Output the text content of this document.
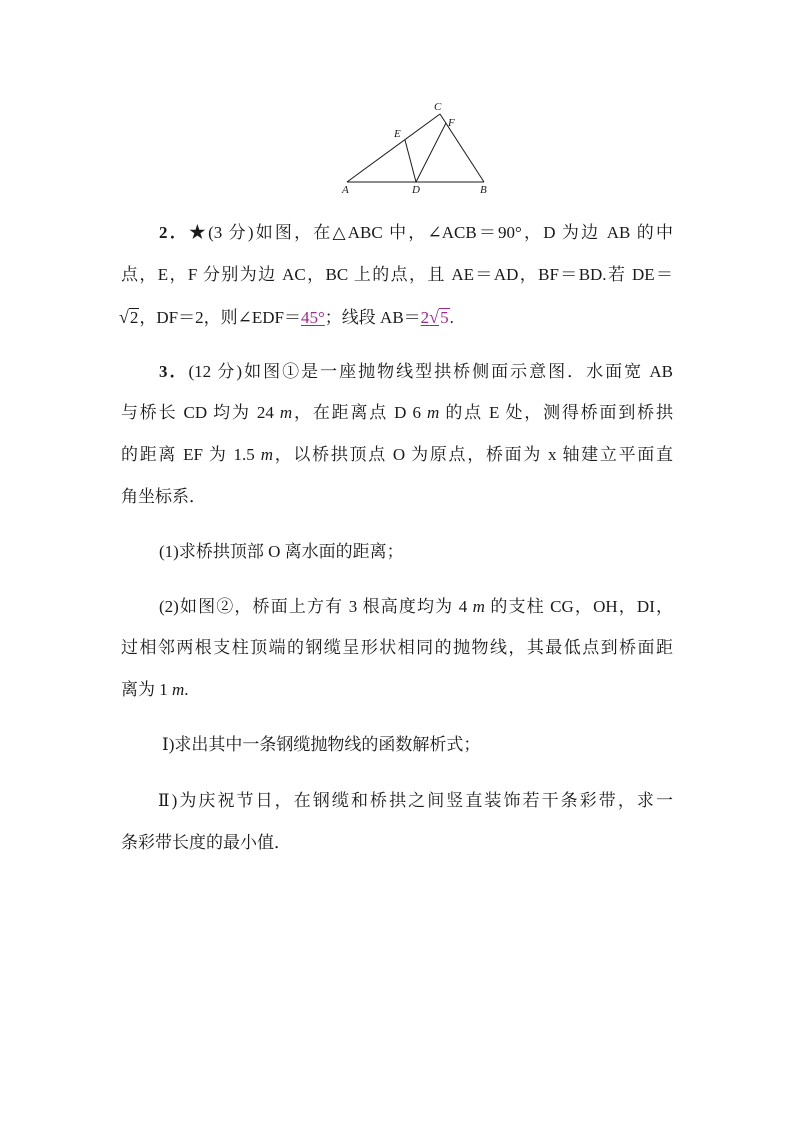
C
E
F
A	D	B
2．★(3 分)如图，在△ABC 中，∠ACB＝90°，D 为边 AB 的中
点，E，F 分别为边 AC，BC 上的点，且 AE＝AD，BF＝BD.若 DE＝
√2，DF＝2，则∠EDF＝45°；线段 AB＝2√5.
3．(12 分)如图①是一座抛物线型拱桥侧面示意图．水面宽 AB
与桥长 CD 均为 24 m，在距离点 D 6 m 的点 E 处，测得桥面到桥拱
的距离 EF 为 1.5 m，以桥拱顶点 O 为原点，桥面为 x 轴建立平面直
角坐标系．
(1)求桥拱顶部 O 离水面的距离；
(2)如图②，桥面上方有 3 根高度均为 4 m 的支柱 CG，OH，DI，
过相邻两根支柱顶端的钢缆呈形状相同的抛物线，其最低点到桥面距
离为 1 m.
Ⅰ)求出其中一条钢缆抛物线的函数解析式；
Ⅱ)为庆祝节日，在钢缆和桥拱之间竖直装饰若干条彩带，求一
条彩带长度的最小值．
